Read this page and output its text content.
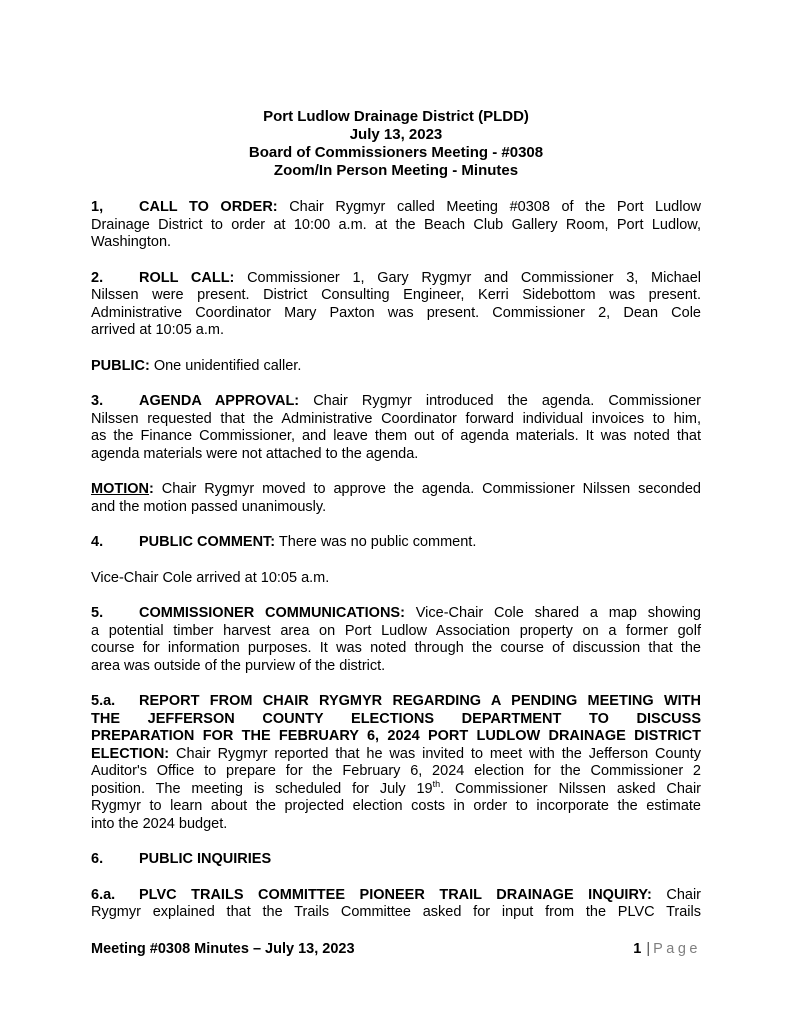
Port Ludlow Drainage District (PLDD)
July 13, 2023
Board of Commissioners Meeting - #0308
Zoom/In Person Meeting - Minutes
1, CALL TO ORDER: Chair Rygmyr called Meeting #0308 of the Port Ludlow
Drainage District to order at 10:00 a.m. at the Beach Club Gallery Room, Port Ludlow,
Washington.
2. ROLL CALL: Commissioner 1, Gary Rygmyr and Commissioner 3, Michael
Nilssen were present. District Consulting Engineer, Kerri Sidebottom was present.
Administrative Coordinator Mary Paxton was present. Commissioner 2, Dean Cole
arrived at 10:05 a.m.
PUBLIC: One unidentified caller.
3. AGENDA APPROVAL: Chair Rygmyr introduced the agenda. Commissioner
Nilssen requested that the Administrative Coordinator forward individual invoices to him,
as the Finance Commissioner, and leave them out of agenda materials. It was noted that
agenda materials were not attached to the agenda.
MOTION: Chair Rygmyr moved to approve the agenda. Commissioner Nilssen seconded
and the motion passed unanimously.
4. PUBLIC COMMENT: There was no public comment.
Vice-Chair Cole arrived at 10:05 a.m.
5. COMMISSIONER COMMUNICATIONS: Vice-Chair Cole shared a map showing
a potential timber harvest area on Port Ludlow Association property on a former golf
course for information purposes. It was noted through the course of discussion that the
area was outside of the purview of the district.
5.a. REPORT FROM CHAIR RYGMYR REGARDING A PENDING MEETING WITH
THE JEFFERSON COUNTY ELECTIONS DEPARTMENT TO DISCUSS
PREPARATION FOR THE FEBRUARY 6, 2024 PORT LUDLOW DRAINAGE DISTRICT
ELECTION: Chair Rygmyr reported that he was invited to meet with the Jefferson County
Auditor's Office to prepare for the February 6, 2024 election for the Commissioner 2
position. The meeting is scheduled for July 19th. Commissioner Nilssen asked Chair
Rygmyr to learn about the projected election costs in order to incorporate the estimate
into the 2024 budget.
6. PUBLIC INQUIRIES
6.a. PLVC TRAILS COMMITTEE PIONEER TRAIL DRAINAGE INQUIRY: Chair
Rygmyr explained that the Trails Committee asked for input from the PLVC Trails
Meeting #0308 Minutes – July 13, 2023	1 | Page
